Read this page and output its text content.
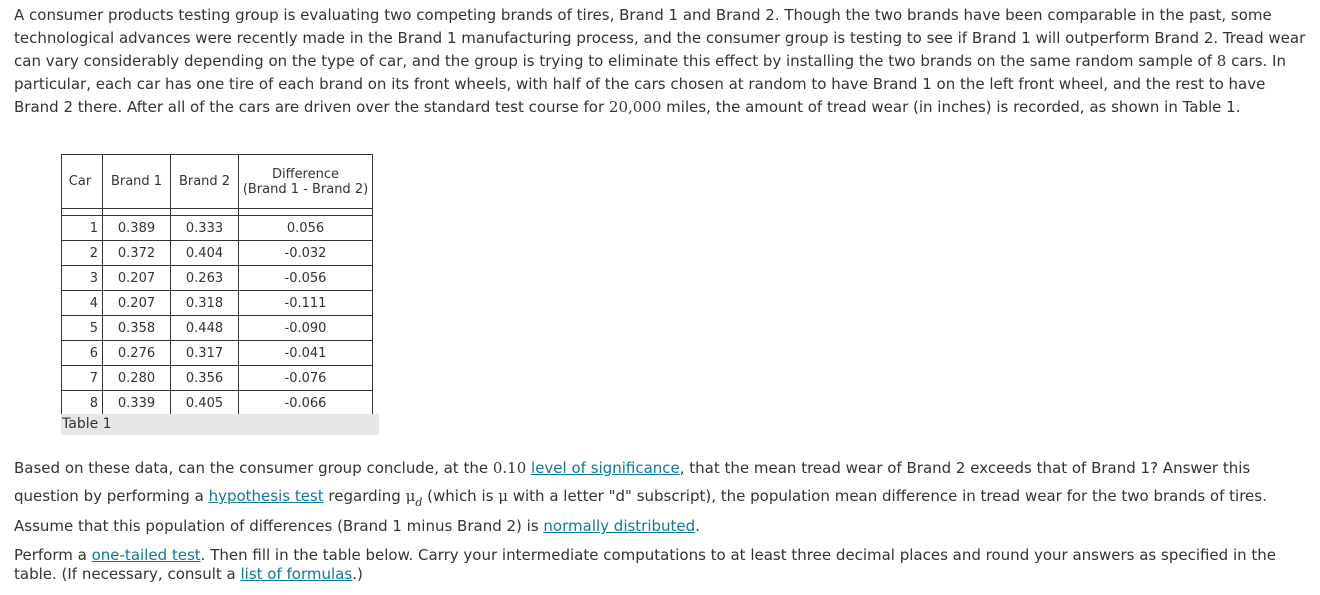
A consumer products testing group is evaluating two competing brands of tires, Brand 1 and Brand 2. Though the two brands have been comparable in the past, some technological advances were recently made in the Brand 1 manufacturing process, and the consumer group is testing to see if Brand 1 will outperform Brand 2. Tread wear can vary considerably depending on the type of car, and the group is trying to eliminate this effect by installing the two brands on the same random sample of 8 cars. In particular, each car has one tire of each brand on its front wheels, with half of the cars chosen at random to have Brand 1 on the left front wheel, and the rest to have Brand 2 there. After all of the cars are driven over the standard test course for 20,000 miles, the amount of tread wear (in inches) is recorded, as shown in Table 1.

Car	Brand 1	Brand 2	Difference
(Brand 1 - Brand 2)

1	0.389	0.333	0.056
2	0.372	0.404	-0.032
3	0.207	0.263	-0.056
4	0.207	0.318	-0.111
5	0.358	0.448	-0.090
6	0.276	0.317	-0.041
7	0.280	0.356	-0.076
8	0.339	0.405	-0.066
Table 1

Based on these data, can the consumer group conclude, at the 0.10 level of significance, that the mean tread wear of Brand 2 exceeds that of Brand 1? Answer this question by performing a hypothesis test regarding $\mu_d$ (which is μ with a letter "d" subscript), the population mean difference in tread wear for the two brands of tires. Assume that this population of differences (Brand 1 minus Brand 2) is normally distributed.

Perform a one-tailed test. Then fill in the table below. Carry your intermediate computations to at least three decimal places and round your answers as specified in the table. (If necessary, consult a list of formulas.)
